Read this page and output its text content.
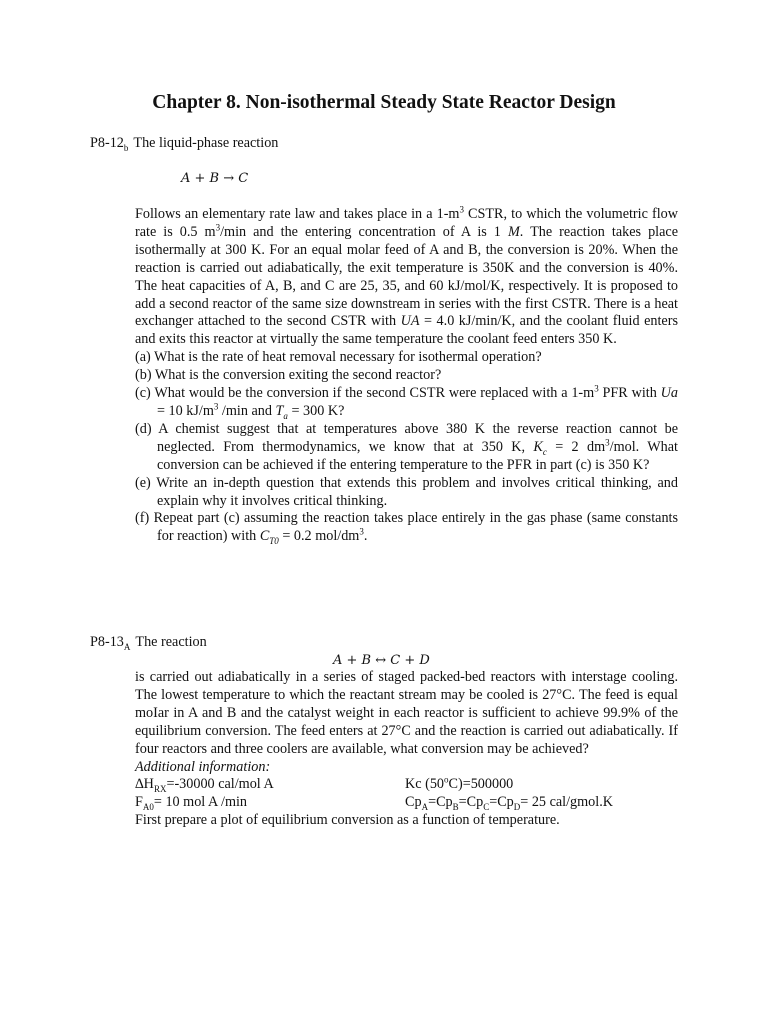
Chapter 8. Non-isothermal Steady State Reactor Design
$P8-12_b$ The liquid-phase reaction
A + B → C

Follows an elementary rate law and takes place in a $1-m^3$ CSTR, to which the volumetric flow rate is 0.5 $m^3/\min$ and the entering concentration of A is 1 M. The reaction takes place isothermally at 300 K. For an equal molar feed of A and B, the conversion is 20%. When the reaction is carried out adiabatically, the exit temperature is 350K and the conversion is 40%. The heat capacities of A, B, and C are 25, 35, and 60 kJ/mol/K, respectively. It is proposed to add a second reactor of the same size downstream in series with the first CSTR. There is a heat exchanger attached to the second CSTR with UA = 4.0 kJ/min/K, and the coolant fluid enters and exits this reactor at virtually the same temperature the coolant feed enters 350 K.

(a) What is the rate of heat removal necessary for isothermal operation?
(b) What is the conversion exiting the second reactor?
(c) What would be the conversion if the second CSTR were replaced with a $1-m^3$ PFR with Ua = 10 $kJ/m^3$ /min and $T_a = 300$ K?
(d) A chemist suggest that at temperatures above 380 K the reverse reaction cannot be neglected. From thermodynamics, we know that at 350 K, $K_c = 2$ $dm^3$/mol. What conversion can be achieved if the entering temperature to the PFR in part (c) is 350 K?
(e) Write an in-depth question that extends this problem and involves critical thinking, and explain why it involves critical thinking.
(f) Repeat part (c) assuming the reaction takes place entirely in the gas phase (same constants for reaction) with $C_{T0} = 0.2$ mol/$dm^3$.
$P8-13_A$ The reaction
A + B ↔ C + D

is carried out adiabatically in a series of staged packed-bed reactors with interstage cooling. The lowest temperature to which the reactant stream may be cooled is 27°C. The feed is equal moIar in A and B and the catalyst weight in each reactor is sufficient to achieve 99.9% of the equilibrium conversion. The feed enters at 27°C and the reaction is carried out adiabatically. If four reactors and three coolers are available, what conversion may be achieved?

Additional information:
$\Delta H_{RX}=-30000$ cal/mol A	Kc $(50^oC)=500000$
$F_{A0}= 10$ mol A /min	$Cp_A=Cp_B=Cp_C=Cp_D= 25$ cal/gmol.K
First prepare a plot of equilibrium conversion as a function of temperature.
